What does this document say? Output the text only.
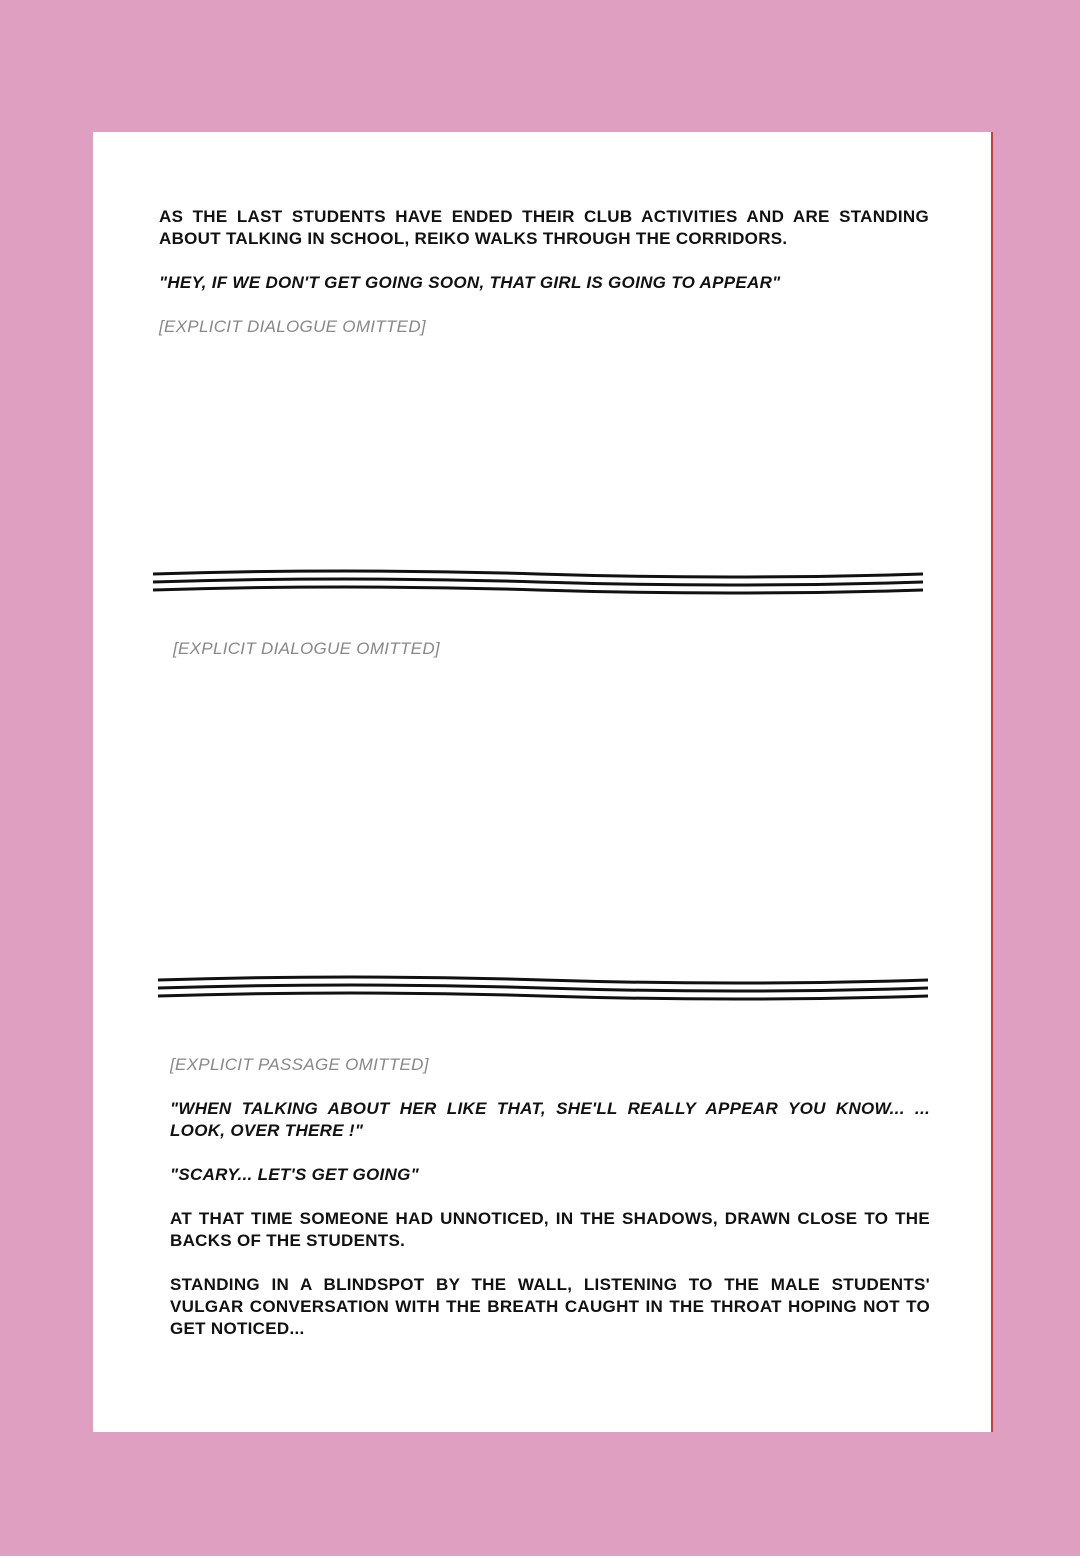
AS THE LAST STUDENTS HAVE ENDED THEIR CLUB ACTIVITIES AND ARE STANDING ABOUT TALKING IN SCHOOL, REIKO WALKS THROUGH THE CORRIDORS.

"HEY, IF WE DON'T GET GOING SOON, THAT GIRL IS GOING TO APPEAR"

[EXPLICIT DIALOGUE OMITTED]

[EXPLICIT DIALOGUE OMITTED]

[EXPLICIT PASSAGE OMITTED]

"WHEN TALKING ABOUT HER LIKE THAT, SHE'LL REALLY APPEAR YOU KNOW... ... LOOK, OVER THERE !"

"SCARY... LET'S GET GOING"

AT THAT TIME SOMEONE HAD UNNOTICED, IN THE SHADOWS, DRAWN CLOSE TO THE BACKS OF THE STUDENTS.

STANDING IN A BLINDSPOT BY THE WALL, LISTENING TO THE MALE STUDENTS' VULGAR CONVERSATION WITH THE BREATH CAUGHT IN THE THROAT HOPING NOT TO GET NOTICED...
